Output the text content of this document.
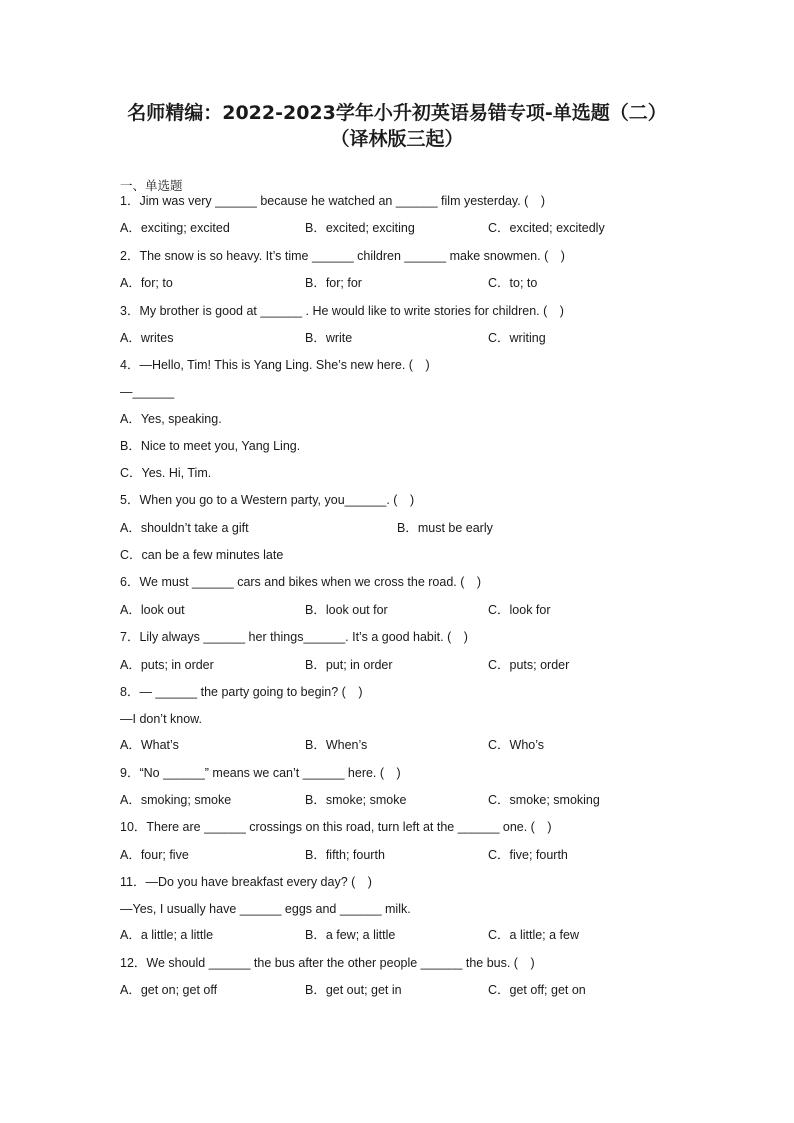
名师精编：2022-2023学年小升初英语易错专项-单选题（二）
（译林版三起）
一、单选题
1．Jim was very ______ because he watched an ______ film yesterday. (　)
A．exciting; excited	B．excited; exciting	C．excited; excitedly
2．The snow is so heavy. It’s time ______ children ______ make snowmen. (　)
A．for; to	B．for; for	C．to; to
3．My brother is good at ______ . He would like to write stories for children. (　)
A．writes	B．write	C．writing
4．—Hello, Tim! This is Yang Ling. She’s new here. (　)
—______
A．Yes, speaking.
B．Nice to meet you, Yang Ling.
C．Yes. Hi, Tim.
5．When you go to a Western party, you______. (　)
A．shouldn’t take a gift	B．must be early
C．can be a few minutes late
6．We must ______ cars and bikes when we cross the road. (　)
A．look out	B．look out for	C．look for
7．Lily always ______ her things______. It’s a good habit. (　)
A．puts; in order	B．put; in order	C．puts; order
8．— ______ the party going to begin? (　)
—I don’t know.
A．What’s	B．When’s	C．Who’s
9．“No ______” means we can’t ______ here. (　)
A．smoking; smoke	B．smoke; smoke	C．smoke; smoking
10．There are ______ crossings on this road, turn left at the ______ one. (　)
A．four; five	B．fifth; fourth	C．five; fourth
11．—Do you have breakfast every day? (　)
—Yes, I usually have ______ eggs and ______ milk.
A．a little; a little	B．a few; a little	C．a little; a few
12．We should ______ the bus after the other people ______ the bus. (　)
A．get on; get off	B．get out; get in	C．get off; get on
